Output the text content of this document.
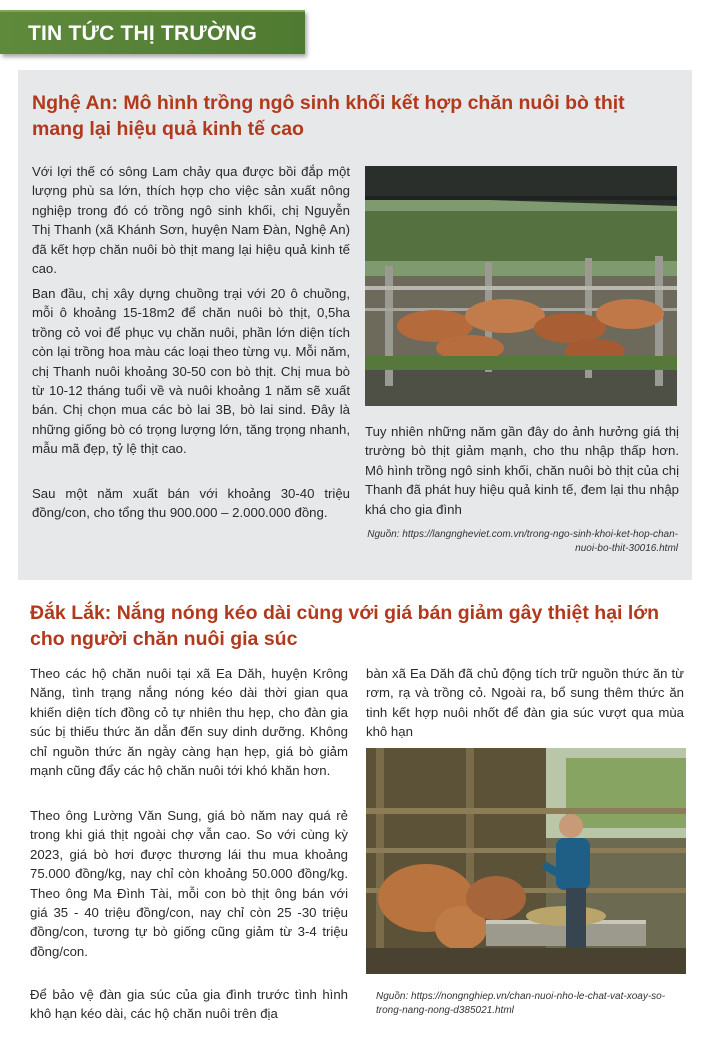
TIN TỨC THỊ TRƯỜNG
Nghệ An: Mô hình trồng ngô sinh khối kết hợp chăn nuôi bò thịt mang lại hiệu quả kinh tế cao

Với lợi thế có sông Lam chảy qua được bồi đắp một lượng phù sa lớn, thích hợp cho việc sản xuất nông nghiệp trong đó có trồng ngô sinh khối, chị Nguyễn Thị Thanh (xã Khánh Sơn, huyện Nam Đàn, Nghệ An) đã kết hợp chăn nuôi bò thịt mang lại hiệu quả kinh tế cao.

Ban đầu, chị xây dựng chuồng trại với 20 ô chuồng, mỗi ô khoảng 15-18m2 để chăn nuôi bò thịt, 0,5ha trồng cỏ voi để phục vụ chăn nuôi, phần lớn diện tích còn lại trồng hoa màu các loại theo từng vụ. Mỗi năm, chị Thanh nuôi khoảng 30-50 con bò thịt. Chị mua bò từ 10-12 tháng tuổi về và nuôi khoảng 1 năm sẽ xuất bán. Chị chọn mua các bò lai 3B, bò lai sind. Đây là những giống bò có trọng lượng lớn, tăng trọng nhanh, mẫu mã đẹp, tỷ lệ thịt cao.

Sau một năm xuất bán với khoảng 30-40 triệu đồng/con, cho tổng thu 900.000 – 2.000.000 đồng.

Tuy nhiên những năm gần đây do ảnh hưởng giá thị trường bò thịt giảm mạnh, cho thu nhập thấp hơn. Mô hình trồng ngô sinh khối, chăn nuôi bò thịt của chị Thanh đã phát huy hiệu quả kinh tế, đem lại thu nhập khá cho gia đình

Nguồn: https://langngheviet.com.vn/trong-ngo-sinh-khoi-ket-hop-chan-nuoi-bo-thit-30016.html
Đắk Lắk: Nắng nóng kéo dài cùng với giá bán giảm gây thiệt hại lớn cho người chăn nuôi gia súc

Theo các hộ chăn nuôi tại xã Ea Dăh, huyện Krông Năng, tình trạng nắng nóng kéo dài thời gian qua khiến diện tích đồng cỏ tự nhiên thu hẹp, cho đàn gia súc bị thiếu thức ăn dẫn đến suy dinh dưỡng. Không chỉ nguồn thức ăn ngày càng hạn hẹp, giá bò giảm mạnh cũng đẩy các hộ chăn nuôi tới khó khăn hơn.

Theo ông Lường Văn Sung, giá bò năm nay quá rẻ trong khi giá thịt ngoài chợ vẫn cao. So với cùng kỳ 2023, giá bò hơi được thương lái thu mua khoảng 75.000 đồng/kg, nay chỉ còn khoảng 50.000 đồng/kg. Theo ông Ma Đình Tài, mỗi con bò thịt ông bán với giá 35 - 40 triệu đồng/con, nay chỉ còn 25 -30 triệu đồng/con, tương tự bò giống cũng giảm từ 3-4 triệu đồng/con.

Để bảo vệ đàn gia súc của gia đình trước tình hình khô hạn kéo dài, các hộ chăn nuôi trên địa

bàn xã Ea Dăh đã chủ động tích trữ nguồn thức ăn từ rơm, rạ và trồng cỏ. Ngoài ra, bổ sung thêm thức ăn tinh kết hợp nuôi nhốt để đàn gia súc vượt qua mùa khô hạn

Nguồn: https://nongnghiep.vn/chan-nuoi-nho-le-chat-vat-xoay-so-trong-nang-nong-d385021.html
